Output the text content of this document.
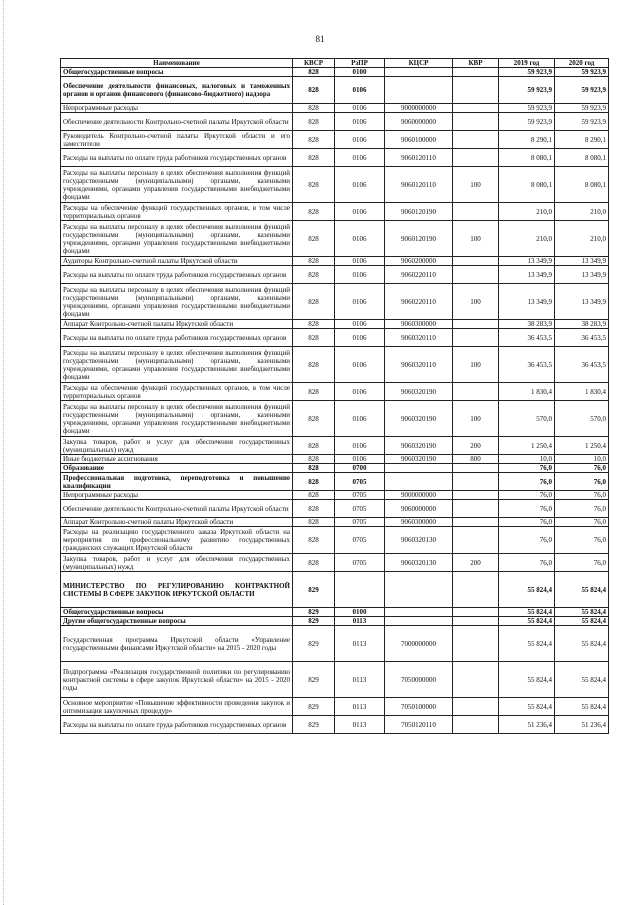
81
Наименование	КВСР	РзПР	КЦСР	КВР	2019 год	2020 год
Общегосударственные вопросы	828	0100			59 923,9	59 923,9
Обеспечение деятельности финансовых, налоговых и таможенных органов и органов финансового (финансово-бюджетного) надзора	828	0106			59 923,9	59 923,9
Непрограммные расходы	828	0106	9000000000		59 923,9	59 923,9
Обеспечение деятельности Контрольно-счетной палаты Иркутской области	828	0106	9060000000		59 923,9	59 923,9
Руководитель Контрольно-счетной палаты Иркутской области и его заместители	828	0106	9060100000		8 290,1	8 290,1
Расходы на выплаты по оплате труда работников государственных органов	828	0106	9060120110		8 080,1	8 080,1
Расходы на выплаты персоналу в целях обеспечения выполнения функций государственными (муниципальными) органами, казенными учреждениями, органами управления государственными внебюджетными фондами	828	0106	9060120110	100	8 080,1	8 080,1
Расходы на обеспечение функций государственных органов, в том числе территориальных органов	828	0106	9060120190		210,0	210,0
Расходы на выплаты персоналу в целях обеспечения выполнения функций государственными (муниципальными) органами, казенными учреждениями, органами управления государственными внебюджетными фондами	828	0106	9060120190	100	210,0	210,0
Аудиторы Контрольно-счетной палаты Иркутской области	828	0106	9060200000		13 349,9	13 349,9
Расходы на выплаты по оплате труда работников государственных органов	828	0106	9060220110		13 349,9	13 349,9
Расходы на выплаты персоналу в целях обеспечения выполнения функций государственными (муниципальными) органами, казенными учреждениями, органами управления государственными внебюджетными фондами	828	0106	9060220110	100	13 349,9	13 349,9
Аппарат Контрольно-счетной палаты Иркутской области	828	0106	9060300000		38 283,9	38 283,9
Расходы на выплаты по оплате труда работников государственных органов	828	0106	9060320110		36 453,5	36 453,5
Расходы на выплаты персоналу в целях обеспечения выполнения функций государственными (муниципальными) органами, казенными учреждениями, органами управления государственными внебюджетными фондами	828	0106	9060320110	100	36 453,5	36 453,5
Расходы на обеспечение функций государственных органов, в том числе территориальных органов	828	0106	9060320190		1 830,4	1 830,4
Расходы на выплаты персоналу в целях обеспечения выполнения функций государственными (муниципальными) органами, казенными учреждениями, органами управления государственными внебюджетными фондами	828	0106	9060320190	100	570,0	570,0
Закупка товаров, работ и услуг для обеспечения государственных (муниципальных) нужд	828	0106	9060320190	200	1 250,4	1 250,4
Иные бюджетные ассигнования	828	0106	9060320190	800	10,0	10,0
Образование	828	0700			76,0	76,0
Профессиональная подготовка, переподготовка и повышение квалификации	828	0705			76,0	76,0
Непрограммные расходы	828	0705	9000000000		76,0	76,0
Обеспечение деятельности Контрольно-счетной палаты Иркутской области	828	0705	9060000000		76,0	76,0
Аппарат Контрольно-счетной палаты Иркутской области	828	0705	9060300000		76,0	76,0
Расходы на реализацию государственного заказа Иркутской области на мероприятия по профессиональному развитию государственных гражданских служащих Иркутской области	828	0705	9060320130		76,0	76,0
Закупка товаров, работ и услуг для обеспечения государственных (муниципальных) нужд	828	0705	9060320130	200	76,0	76,0
МИНИСТЕРСТВО ПО РЕГУЛИРОВАНИЮ КОНТРАКТНОЙ СИСТЕМЫ В СФЕРЕ ЗАКУПОК ИРКУТСКОЙ ОБЛАСТИ	829				55 824,4	55 824,4
Общегосударственные вопросы	829	0100			55 824,4	55 824,4
Другие общегосударственные вопросы	829	0113			55 824,4	55 824,4
Государственная программа Иркутской области «Управление государственными финансами Иркутской области» на 2015 - 2020 годы	829	0113	7000000000		55 824,4	55 824,4
Подпрограмма «Реализация государственной политики по регулированию контрактной системы в сфере закупок Иркутской области» на 2015 - 2020 годы	829	0113	7050000000		55 824,4	55 824,4
Основное мероприятие «Повышение эффективности проведения закупок и оптимизация закупочных процедур»	829	0113	7050100000		55 824,4	55 824,4
Расходы на выплаты по оплате труда работников государственных органов	829	0113	7050120110		51 236,4	51 236,4
